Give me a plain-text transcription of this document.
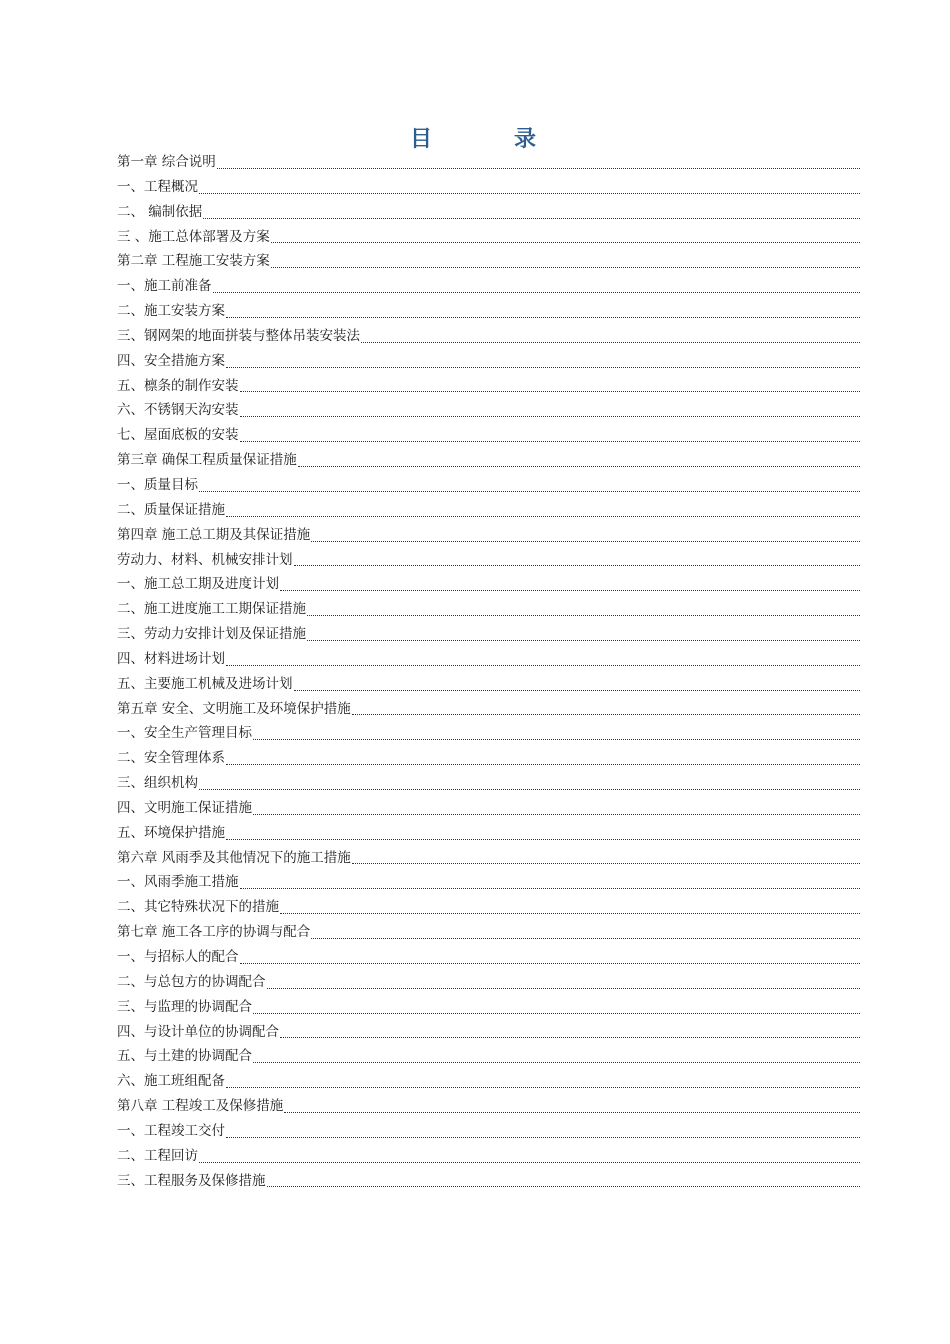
目　录
第一章 综合说明
一、工程概况
二、 编制依据
三 、施工总体部署及方案
第二章 工程施工安装方案
一、施工前准备
二、施工安装方案
三、钢网架的地面拼装与整体吊装安装法
四、安全措施方案
五、檩条的制作安装
六、不锈钢天沟安装
七、屋面底板的安装
第三章 确保工程质量保证措施
一、质量目标
二、质量保证措施
第四章 施工总工期及其保证措施
劳动力、材料、机械安排计划
一、施工总工期及进度计划
二、施工进度施工工期保证措施
三、劳动力安排计划及保证措施
四、材料进场计划
五、主要施工机械及进场计划
第五章 安全、文明施工及环境保护措施
一、安全生产管理目标
二、安全管理体系
三、组织机构
四、文明施工保证措施
五、环境保护措施
第六章 风雨季及其他情况下的施工措施
一、风雨季施工措施
二、其它特殊状况下的措施
第七章 施工各工序的协调与配合
一、与招标人的配合
二、与总包方的协调配合
三、与监理的协调配合
四、与设计单位的协调配合
五、与土建的协调配合
六、施工班组配备
第八章 工程竣工及保修措施
一、工程竣工交付
二、工程回访
三、工程服务及保修措施
